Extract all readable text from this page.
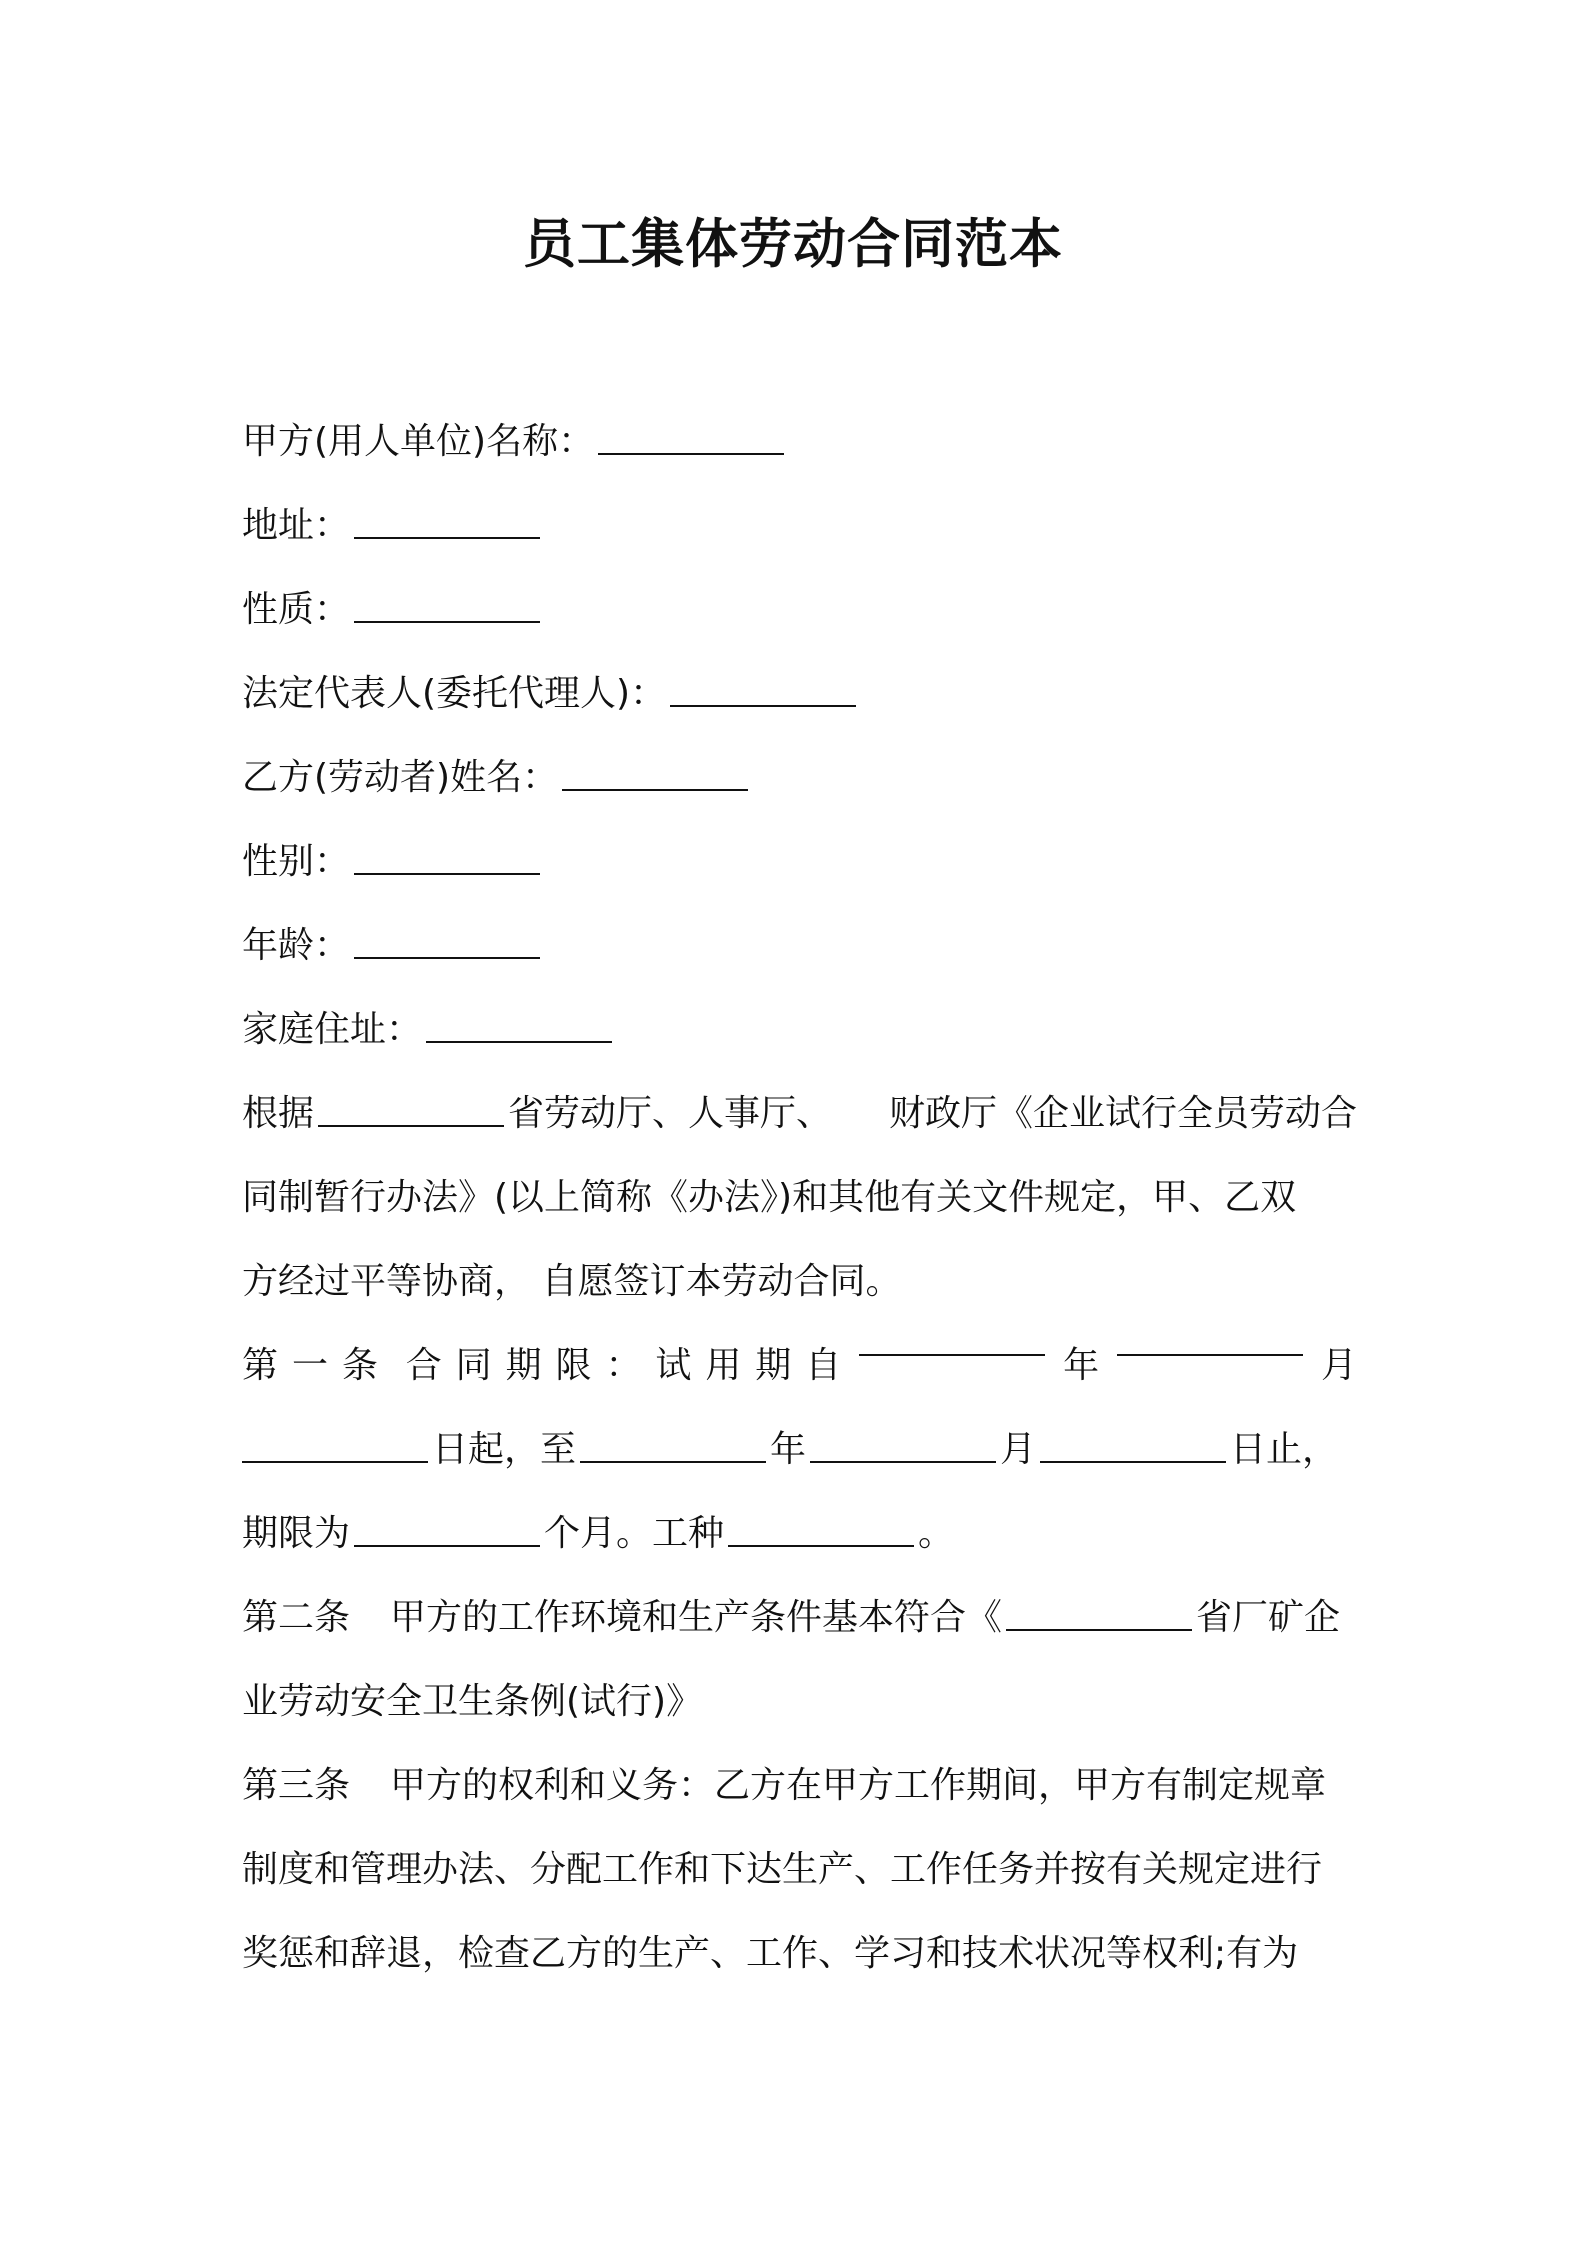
员工集体劳动合同范本
甲方(用人单位)名称：
地址：
性质：
法定代表人(委托代理人)：
乙方(劳动者)姓名：
性别：
年龄：
家庭住址：
根据	省劳动厅、人事厅、 财政厅《企业试行全员劳动合
同制暂行办法》(以上简称《办法》)和其他有关文件规定，甲、乙双
方经过平等协商， 自愿签订本劳动合同。
第 一 条 合 同 期 限 ： 试 用 期 自	年	月
日起，至	年	月	日止，
期限为	个月。工种	。
第二条 甲方的工作环境和生产条件基本符合《	省厂矿企
业劳动安全卫生条例(试行)》
第三条 甲方的权利和义务：乙方在甲方工作期间，甲方有制定规章
制度和管理办法、分配工作和下达生产、工作任务并按有关规定进行
奖惩和辞退，检查乙方的生产、工作、学习和技术状况等权利;有为
